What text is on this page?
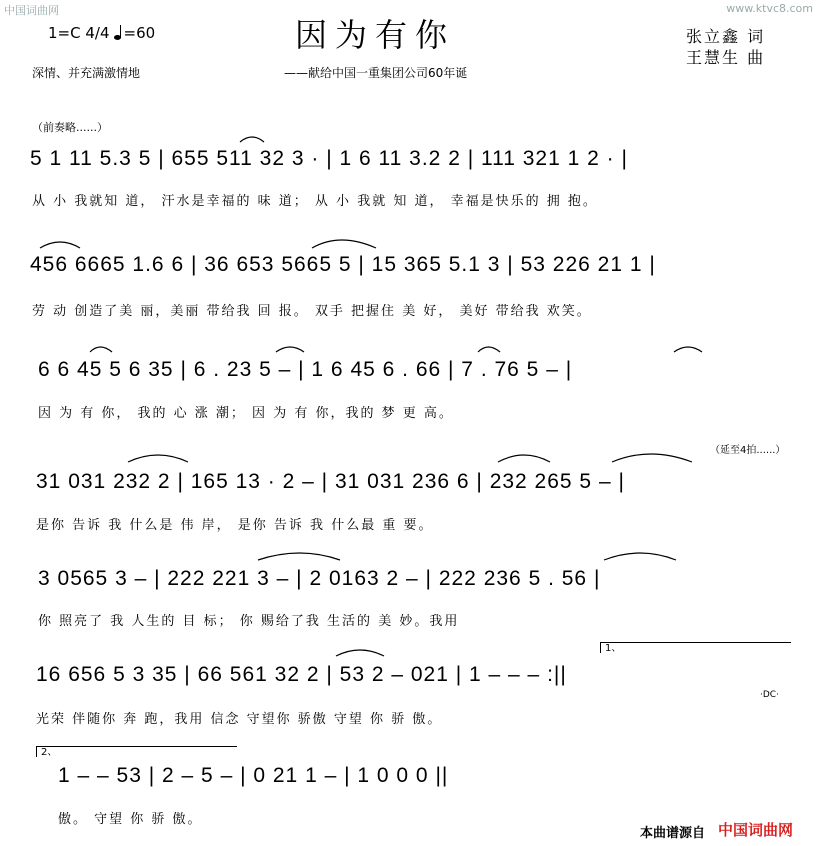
中国词曲网	www.ktvc8.com
1=C 4/4 =60	因为有你
——献给中国一重集团公司60年诞
深情、并充满激情地
张立鑫 词
王慧生 曲
（前奏略......）
（延至4拍......）
5 1 11 5.3 5 | 655 511 32 3 · | 1 6 11 3.2 2 | 111 321 1 2 · |
从 小 我就知 道， 汗水是幸福的 味 道； 从 小 我就 知 道， 幸福是快乐的 拥 抱。
456 6665 1.6 6 | 36 653 5665 5 | 15 365 5.1 3 | 53 226 21 1 |
劳 动 创造了美 丽，美丽 带给我 回 报。 双手 把握住 美 好， 美好 带给我 欢笑。
6 6 45 5 6 35 | 6 . 23 5 – | 1 6 45 6 . 66 | 7 . 76 5 – |
因 为 有 你， 我的 心 涨 潮； 因 为 有 你，我的 梦 更 高。
31 031 232 2 | 165 13 · 2 – | 31 031 236 6 | 232 265 5 – |
是你 告诉 我 什么是 伟 岸， 是你 告诉 我 什么最 重 要。
3 0565 3 – | 222 221 3 – | 2 0163 2 – | 222 236 5 . 56 |
你 照亮了 我 人生的 目 标； 你 赐给了我 生活的 美 妙。我用
16 656 5 3 35 | 66 561 32 2 | 53 2 – 021 | 1 – – – :||
光荣 伴随你 奔 跑，我用 信念 守望你 骄傲 守望 你 骄 傲。
1 – – 53 | 2 – 5 – | 0 21 1 – | 1 0 0 0 ||
傲。 守望 你 骄 傲。
1、
·DC·
2、
本曲谱源自 中国词曲网
